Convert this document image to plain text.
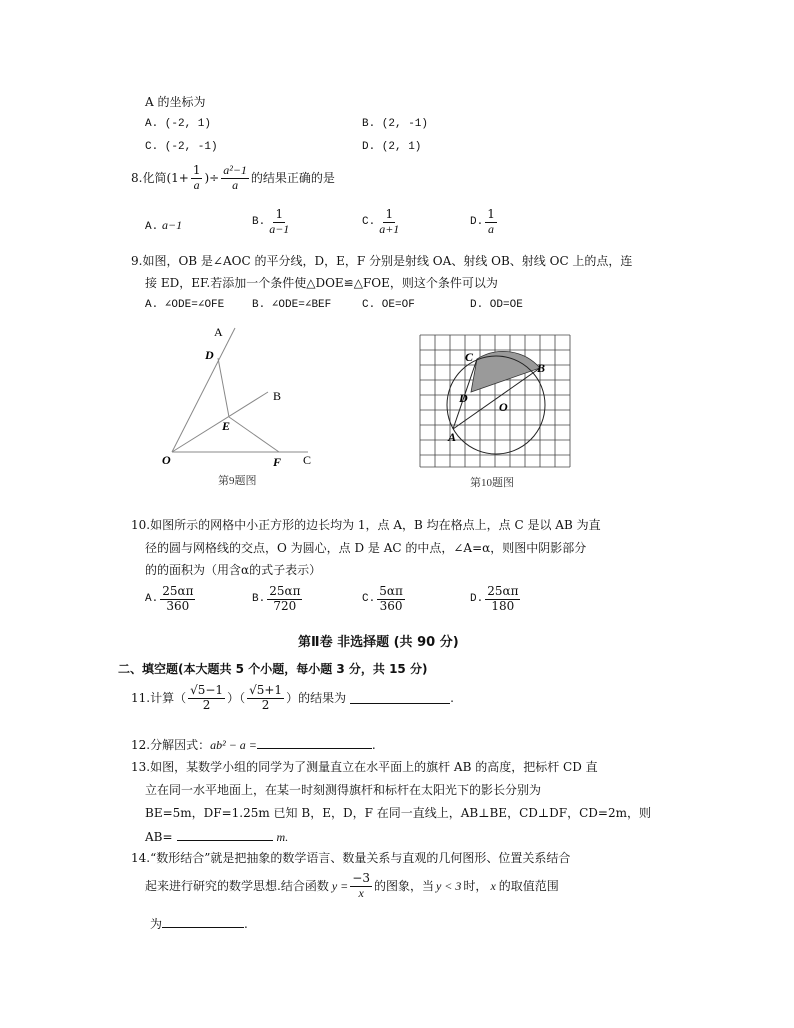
A 的坐标为
A. (-2, 1)	B. (2, -1)
C. (-2, -1)	D. (2, 1)
8.化简 ($1+ \frac{1}{a}$ )÷ $\frac{\text{a²−1}}{a}$ 的结果正确的是
A. a−1	B. $\frac{1}{a-1}$	C. $\frac{1}{a+1}$	D. $\frac{1}{a}$
9.如图，OB 是∠AOC 的平分线，D，E，F 分别是射线 OA、射线 OB、射线 OC 上的点，连
接 ED，EF.若添加一个条件使△DOE≌△FOE，则这个条件可以为
A. ∠ODE=∠OFE	B. ∠ODE=∠BEF	C. OE=OF	D. OD=OE
A
D
B
E
O	F C
第9题图
C
B
D
O
A
第10题图
10.如图所示的网格中小正方形的边长均为 1，点 A，B 均在格点上，点 C 是以 AB 为直
径的圆与网格线的交点，O 为圆心，点 D 是 AC 的中点，∠A=α，则图中阴影部分
的的面积为（用含α的式子表示）
A. $\frac{25\alpha\pi}{360}$	B. $\frac{25\alpha\pi}{720}$	C. $\frac{5\alpha\pi}{360}$	D. $\frac{25\alpha\pi}{180}$
第Ⅱ卷 非选择题 (共 90 分)
二、填空题(本大题共 5 个小题，每小题 3 分，共 15 分)
11.计算（ $\frac{√5-1}{2}$ ）（ $\frac{√5+1}{2}$ ）的结果为	.
12.分解因式：ab² − a =	.
13.如图，某数学小组的同学为了测量直立在水平面上的旗杆 AB 的高度，把标杆 CD 直
立在同一水平地面上，在某一时刻测得旗杆和标杆在太阳光下的影长分别为
BE=5m，DF=1.25m 已知 B，E，D，F 在同一直线上，AB⊥BE，CD⊥DF，CD=2m，则
AB=	m.
14.“数形结合”就是把抽象的数学语言、数量关系与直观的几何图形、位置关系结合
起来进行研究的数学思想.结合函数 $y = \frac{-3}{x}$ 的图象，当 y < 3 时， x 的取值范围
为	.
